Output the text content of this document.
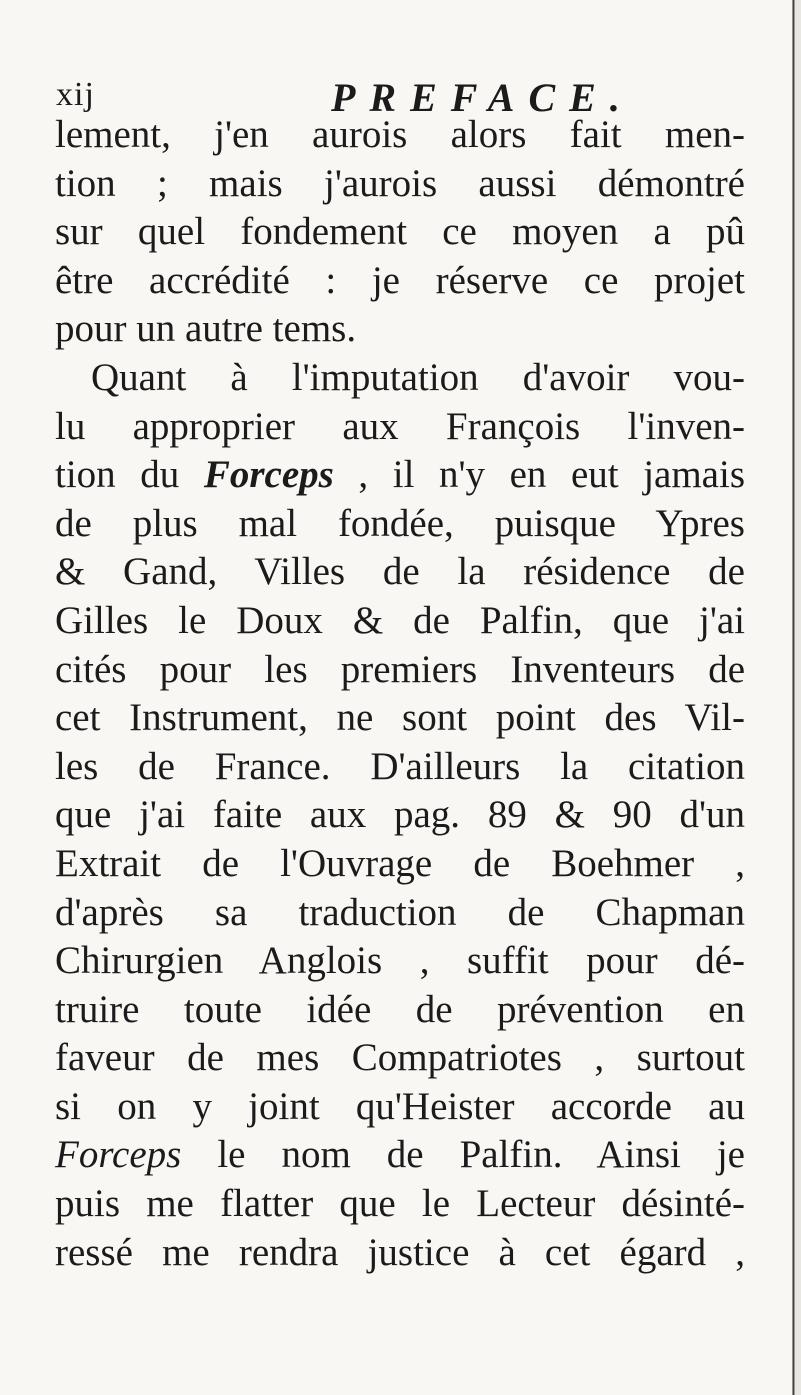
xij	PREFACE.
lement, j'en aurois alors fait men-
tion ; mais j'aurois aussi démontré
sur quel fondement ce moyen a pû
être accrédité : je réserve ce projet
pour un autre tems.
Quant à l'imputation d'avoir vou-
lu approprier aux François l'inven-
tion du Forceps , il n'y en eut jamais
de plus mal fondée, puisque Ypres
& Gand, Villes de la résidence de
Gilles le Doux & de Palfin, que j'ai
cités pour les premiers Inventeurs de
cet Instrument, ne sont point des Vil-
les de France. D'ailleurs la citation
que j'ai faite aux pag. 89 & 90 d'un
Extrait de l'Ouvrage de Boehmer ,
d'après sa traduction de Chapman
Chirurgien Anglois , suffit pour dé-
truire toute idée de prévention en
faveur de mes Compatriotes , surtout
si on y joint qu'Heister accorde au
Forceps le nom de Palfin. Ainsi je
puis me flatter que le Lecteur désinté-
ressé me rendra justice à cet égard ,
